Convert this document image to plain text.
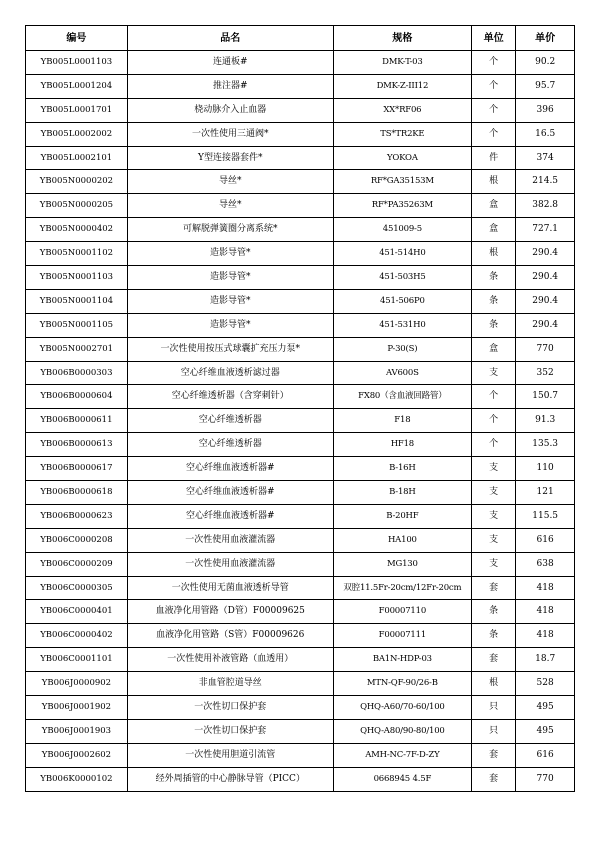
编号	品名	规格	单位	单价
YB005L0001103	连通板#	DMK-T-03	个	90.2
YB005L0001204	推注器#	DMK-Z-III12	个	95.7
YB005L0001701	桡动脉介入止血器	XX*RF06	个	396
YB005L0002002	一次性使用三通阀*	TS*TR2KE	个	16.5
YB005L0002101	Y型连接器套件*	YOKOA	件	374
YB005N0000202	导丝*	RF*GA35153M	根	214.5
YB005N0000205	导丝*	RF*PA35263M	盒	382.8
YB005N0000402	可解脱弹簧圈分离系统*	451009-5	盒	727.1
YB005N0001102	造影导管*	451-514H0	根	290.4
YB005N0001103	造影导管*	451-503H5	条	290.4
YB005N0001104	造影导管*	451-506P0	条	290.4
YB005N0001105	造影导管*	451-531H0	条	290.4
YB005N0002701	一次性使用按压式球囊扩充压力泵*	P-30(S)	盒	770
YB006B0000303	空心纤维血液透析滤过器	AV600S	支	352
YB006B0000604	空心纤维透析器（含穿刺针）	FX80（含血液回路管）	个	150.7
YB006B0000611	空心纤维透析器	F18	个	91.3
YB006B0000613	空心纤维透析器	HF18	个	135.3
YB006B0000617	空心纤维血液透析器#	B-16H	支	110
YB006B0000618	空心纤维血液透析器#	B-18H	支	121
YB006B0000623	空心纤维血液透析器#	B-20HF	支	115.5
YB006C0000208	一次性使用血液灌流器	HA100	支	616
YB006C0000209	一次性使用血液灌流器	MG130	支	638
YB006C0000305	一次性使用无菌血液透析导管	双腔11.5Fr-20cm/12Fr-20cm	套	418
YB006C0000401	血液净化用管路（D管）F00009625	F00007110	条	418
YB006C0000402	血液净化用管路（S管）F00009626	F00007111	条	418
YB006C0001101	一次性使用补液管路（血透用）	BA1N-HDP-03	套	18.7
YB006J0000902	非血管腔道导丝	MTN-QF-90/26-B	根	528
YB006J0001902	一次性切口保护套	QHQ-A60/70-60/100	只	495
YB006J0001903	一次性切口保护套	QHQ-A80/90-80/100	只	495
YB006J0002602	一次性使用胆道引流管	AMH-NC-7F-D-ZY	套	616
YB006K0000102	经外周插管的中心静脉导管（PICC）	0668945 4.5F	套	770
